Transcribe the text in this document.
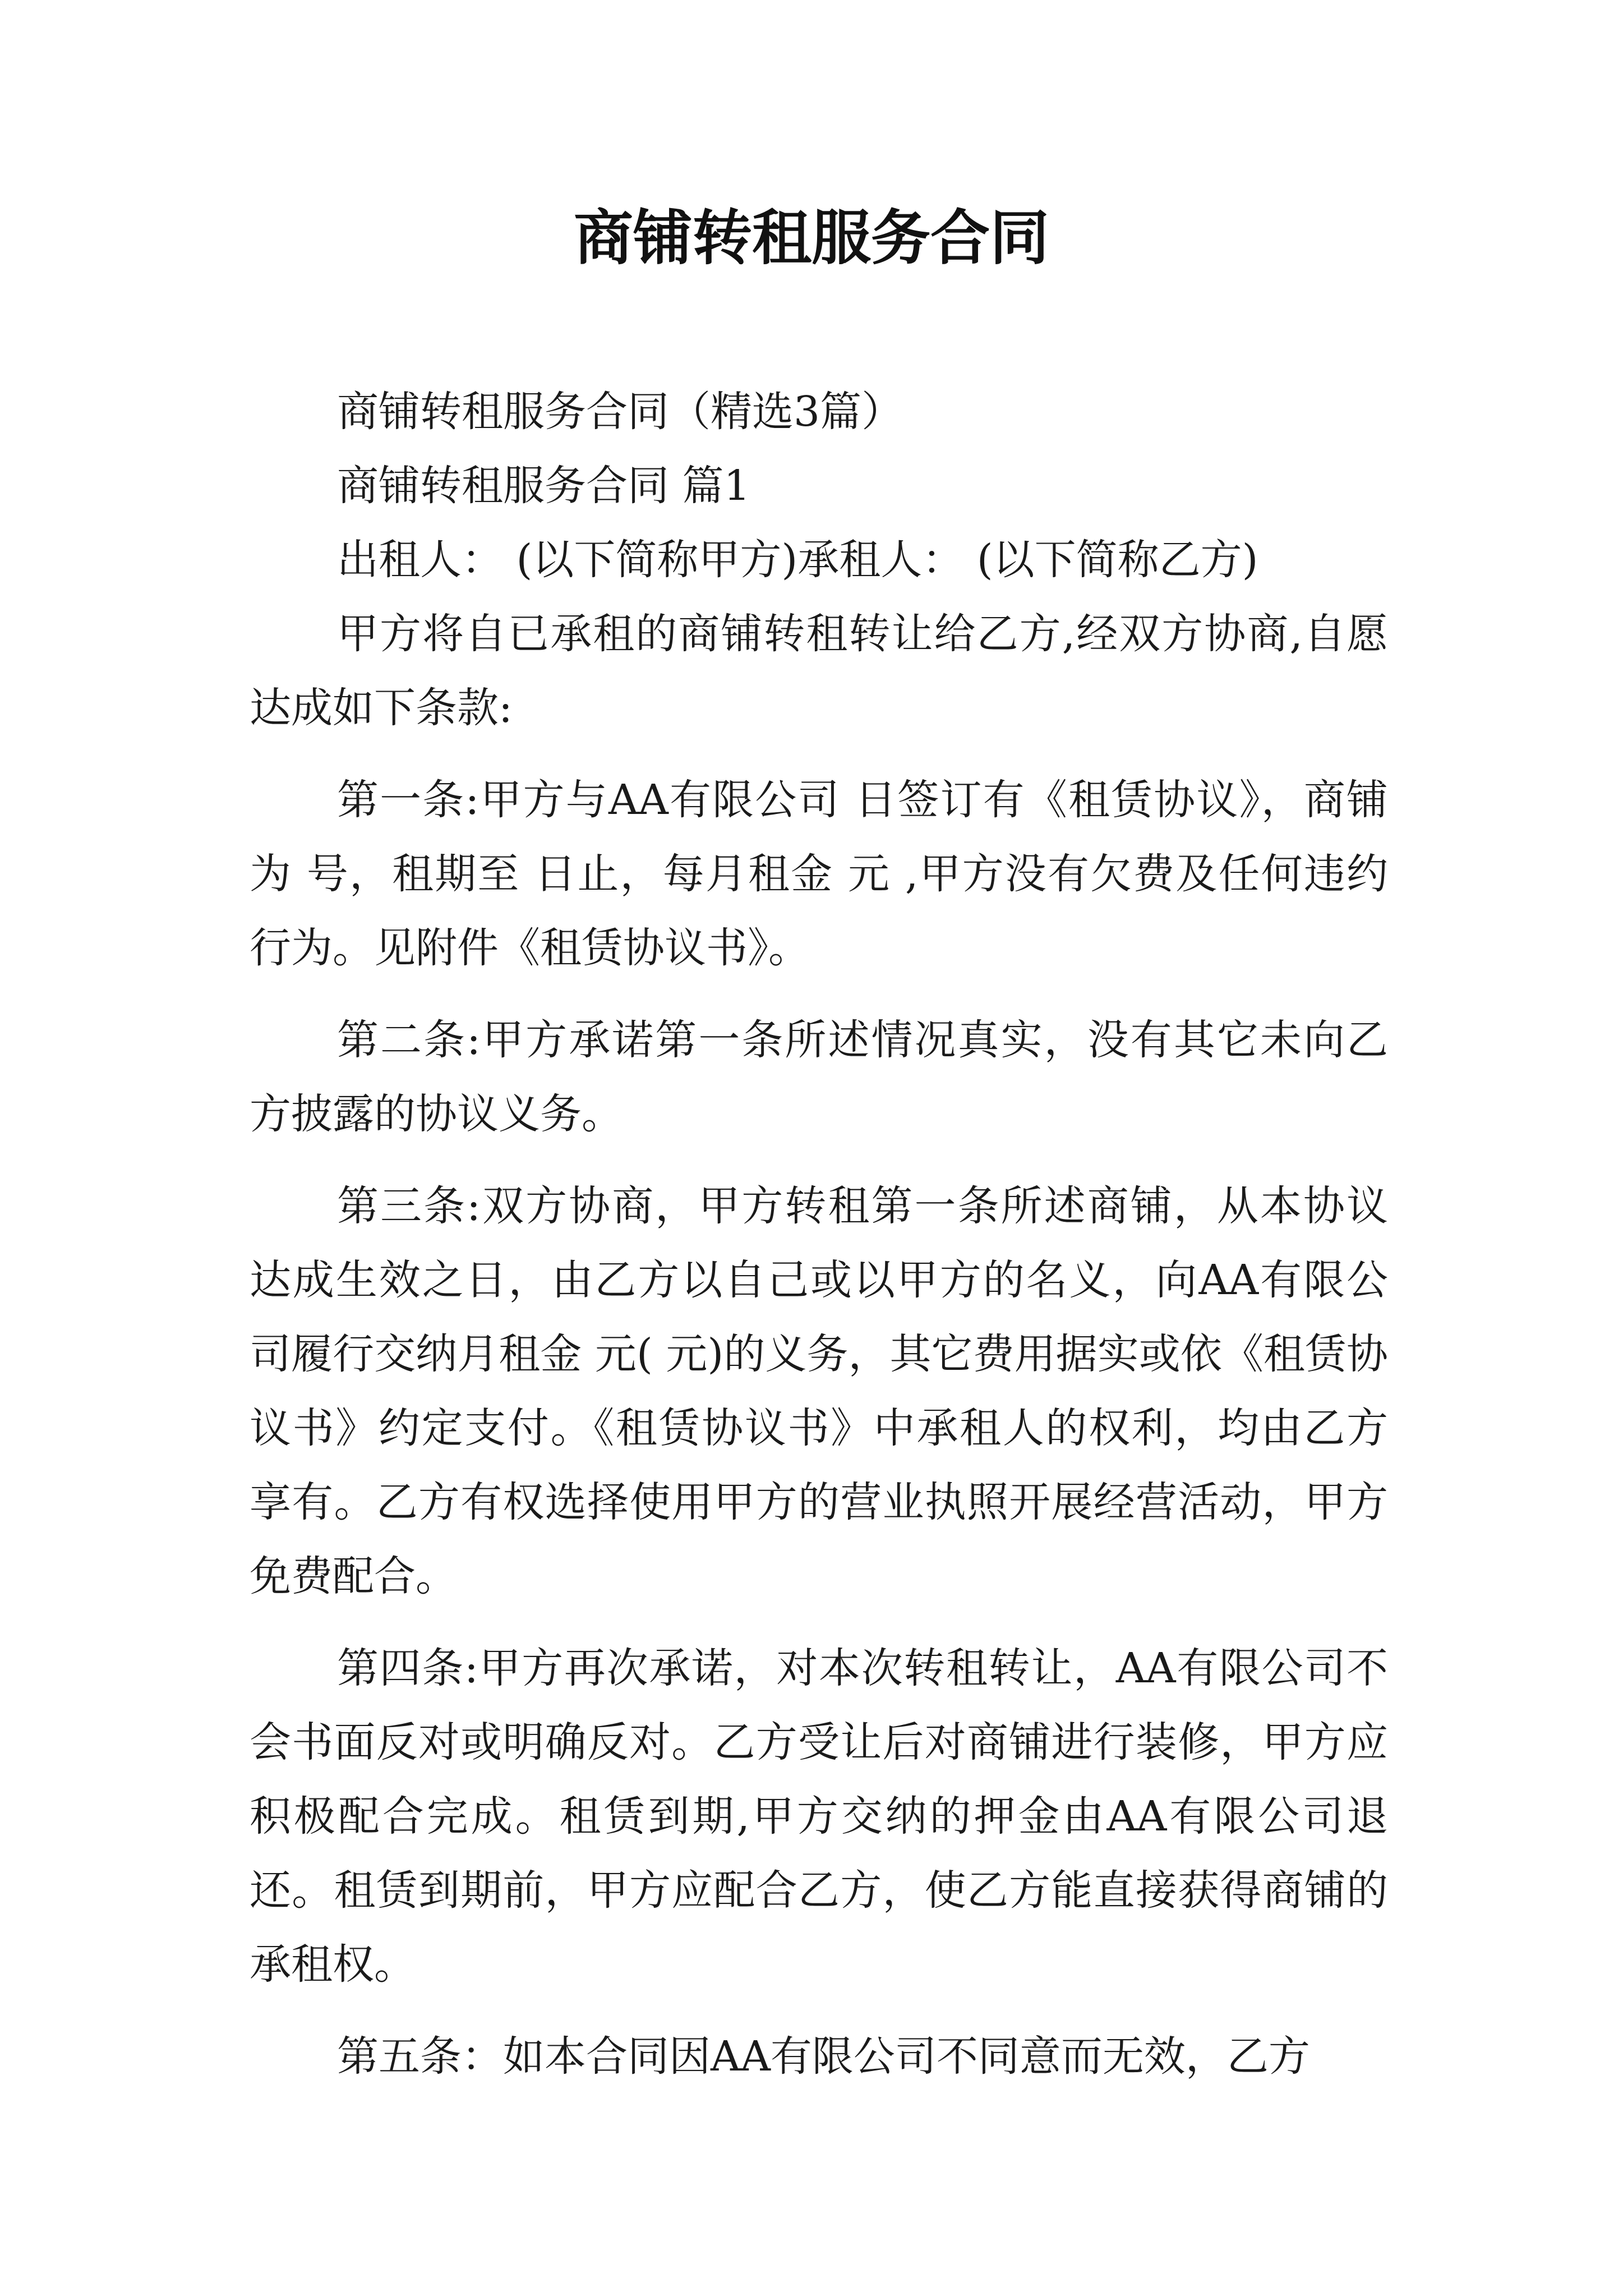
商铺转租服务合同

商铺转租服务合同（精选3篇）

商铺转租服务合同 篇1

出租人： (以下简称甲方)承租人： (以下简称乙方)

甲方将自已承租的商铺转租转让给乙方,经双方协商,自愿达成如下条款:

第一条:甲方与AA有限公司 日签订有《租赁协议》，商铺为 号，租期至 日止，每月租金 元 ,甲方没有欠费及任何违约行为。见附件《租赁协议书》。

第二条:甲方承诺第一条所述情况真实，没有其它未向乙方披露的协议义务。

第三条:双方协商，甲方转租第一条所述商铺，从本协议达成生效之日，由乙方以自己或以甲方的名义，向AA有限公司履行交纳月租金 元( 元)的义务，其它费用据实或依《租赁协议书》约定支付。《租赁协议书》中承租人的权利，均由乙方享有。乙方有权选择使用甲方的营业执照开展经营活动，甲方免费配合。

第四条:甲方再次承诺，对本次转租转让，AA有限公司不会书面反对或明确反对。乙方受让后对商铺进行装修，甲方应积极配合完成。租赁到期,甲方交纳的押金由AA有限公司退还。租赁到期前，甲方应配合乙方，使乙方能直接获得商铺的承租权。

第五条：如本合同因AA有限公司不同意而无效，乙方
